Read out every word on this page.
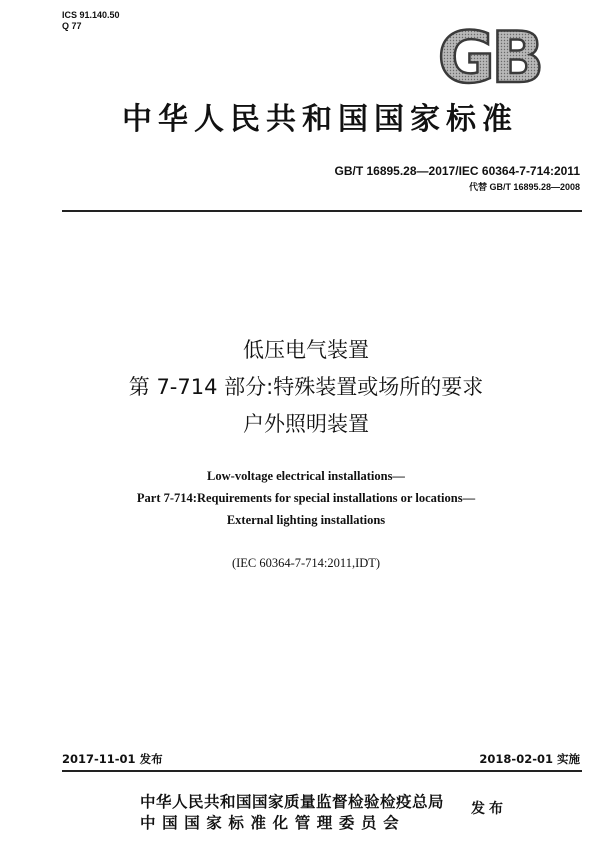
ICS 91.140.50
Q 77	GB
中华人民共和国国家标准
GB/T 16895.28—2017/IEC 60364-7-714:2011
代替 GB/T 16895.28—2008
低压电气装置
第 7-714 部分:特殊装置或场所的要求
户外照明装置
Low-voltage electrical installations—
Part 7-714:Requirements for special installations or locations—
External lighting installations
(IEC 60364-7-714:2011,IDT)
2017-11-01 发布	2018-02-01 实施
中华人民共和国国家质量监督检验检疫总局
中国国家标准化管理委员会
发布
